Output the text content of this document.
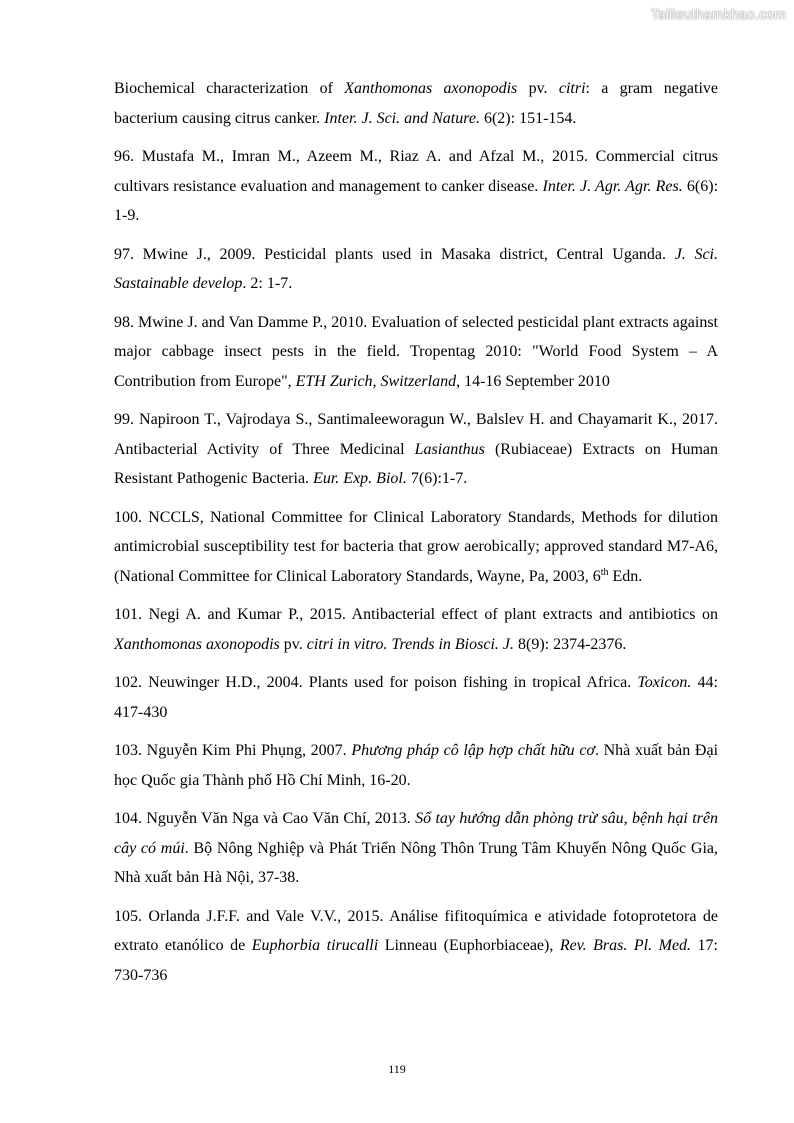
Tailieuthamkhao.com

Biochemical characterization of Xanthomonas axonopodis pv. citri: a gram negative bacterium causing citrus canker. Inter. J. Sci. and Nature. 6(2): 151-154.

96. Mustafa M., Imran M., Azeem M., Riaz A. and Afzal M., 2015. Commercial citrus cultivars resistance evaluation and management to canker disease. Inter. J. Agr. Agr. Res. 6(6): 1-9.

97. Mwine J., 2009. Pesticidal plants used in Masaka district, Central Uganda. J. Sci. Sastainable develop. 2: 1-7.

98. Mwine J. and Van Damme P., 2010. Evaluation of selected pesticidal plant extracts against major cabbage insect pests in the field. Tropentag 2010: "World Food System – A Contribution from Europe", ETH Zurich, Switzerland, 14-16 September 2010

99. Napiroon T., Vajrodaya S., Santimaleeworagun W., Balslev H. and Chayamarit K., 2017. Antibacterial Activity of Three Medicinal Lasianthus (Rubiaceae) Extracts on Human Resistant Pathogenic Bacteria. Eur. Exp. Biol. 7(6):1-7.

100. NCCLS, National Committee for Clinical Laboratory Standards, Methods for dilution antimicrobial susceptibility test for bacteria that grow aerobically; approved standard M7-A6, (National Committee for Clinical Laboratory Standards, Wayne, Pa, 2003, 6th Edn.

101. Negi A. and Kumar P., 2015. Antibacterial effect of plant extracts and antibiotics on Xanthomonas axonopodis pv. citri in vitro. Trends in Biosci. J. 8(9): 2374-2376.

102. Neuwinger H.D., 2004. Plants used for poison fishing in tropical Africa. Toxicon. 44: 417-430

103. Nguyễn Kim Phi Phụng, 2007. Phương pháp cô lập hợp chất hữu cơ. Nhà xuất bản Đại học Quốc gia Thành phố Hồ Chí Minh, 16-20.

104. Nguyễn Văn Nga và Cao Văn Chí, 2013. Sổ tay hướng dẫn phòng trừ sâu, bệnh hại trên cây có múi. Bộ Nông Nghiệp và Phát Triển Nông Thôn Trung Tâm Khuyến Nông Quốc Gia, Nhà xuất bản Hà Nội, 37-38.

105. Orlanda J.F.F. and Vale V.V., 2015. Análise fifitoquímica e atividade fotoprotetora de extrato etanólico de Euphorbia tirucalli Linneau (Euphorbiaceae), Rev. Bras. Pl. Med. 17: 730-736

119
